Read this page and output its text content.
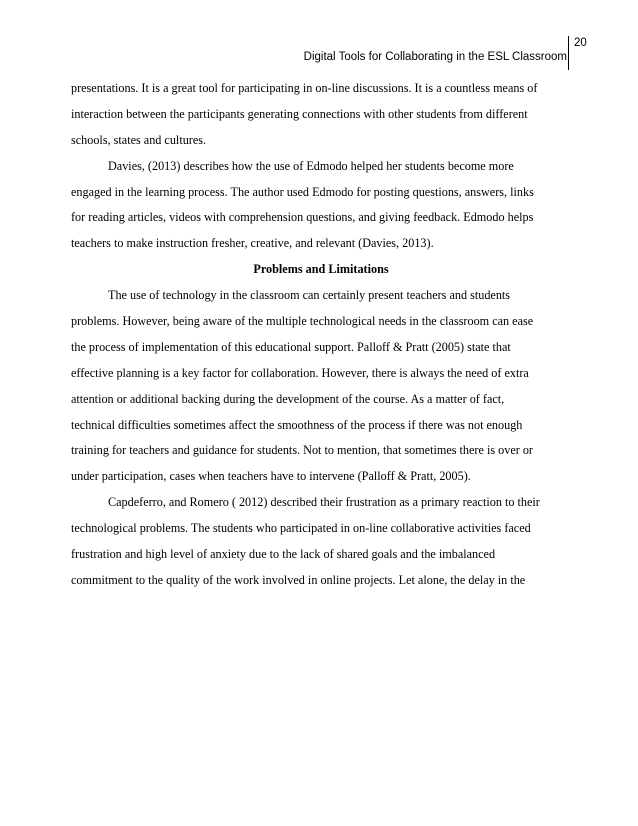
Digital Tools for Collaborating in the ESL Classroom
20
presentations. It is a great tool for participating in on-line discussions. It is a countless means of
interaction between the participants generating connections with other students from different
schools, states and cultures.
Davies, (2013) describes how the use of Edmodo helped her students become more
engaged in the learning process. The author used Edmodo for posting questions, answers, links
for reading articles, videos with comprehension questions, and giving feedback. Edmodo helps
teachers to make instruction fresher, creative, and relevant (Davies, 2013).
Problems and Limitations
The use of technology in the classroom can certainly present teachers and students
problems. However, being aware of the multiple technological needs in the classroom can ease
the process of implementation of this educational support. Palloff & Pratt (2005) state that
effective planning is a key factor for collaboration. However, there is always the need of extra
attention or additional backing during the development of the course. As a matter of fact,
technical difficulties sometimes affect the smoothness of the process if there was not enough
training for teachers and guidance for students. Not to mention, that sometimes there is over or
under participation, cases when teachers have to intervene (Palloff & Pratt, 2005).
Capdeferro, and Romero ( 2012) described their frustration as a primary reaction to their
technological problems. The students who participated in on-line collaborative activities faced
frustration and high level of anxiety due to the lack of shared goals and the imbalanced
commitment to the quality of the work involved in online projects. Let alone, the delay in the
